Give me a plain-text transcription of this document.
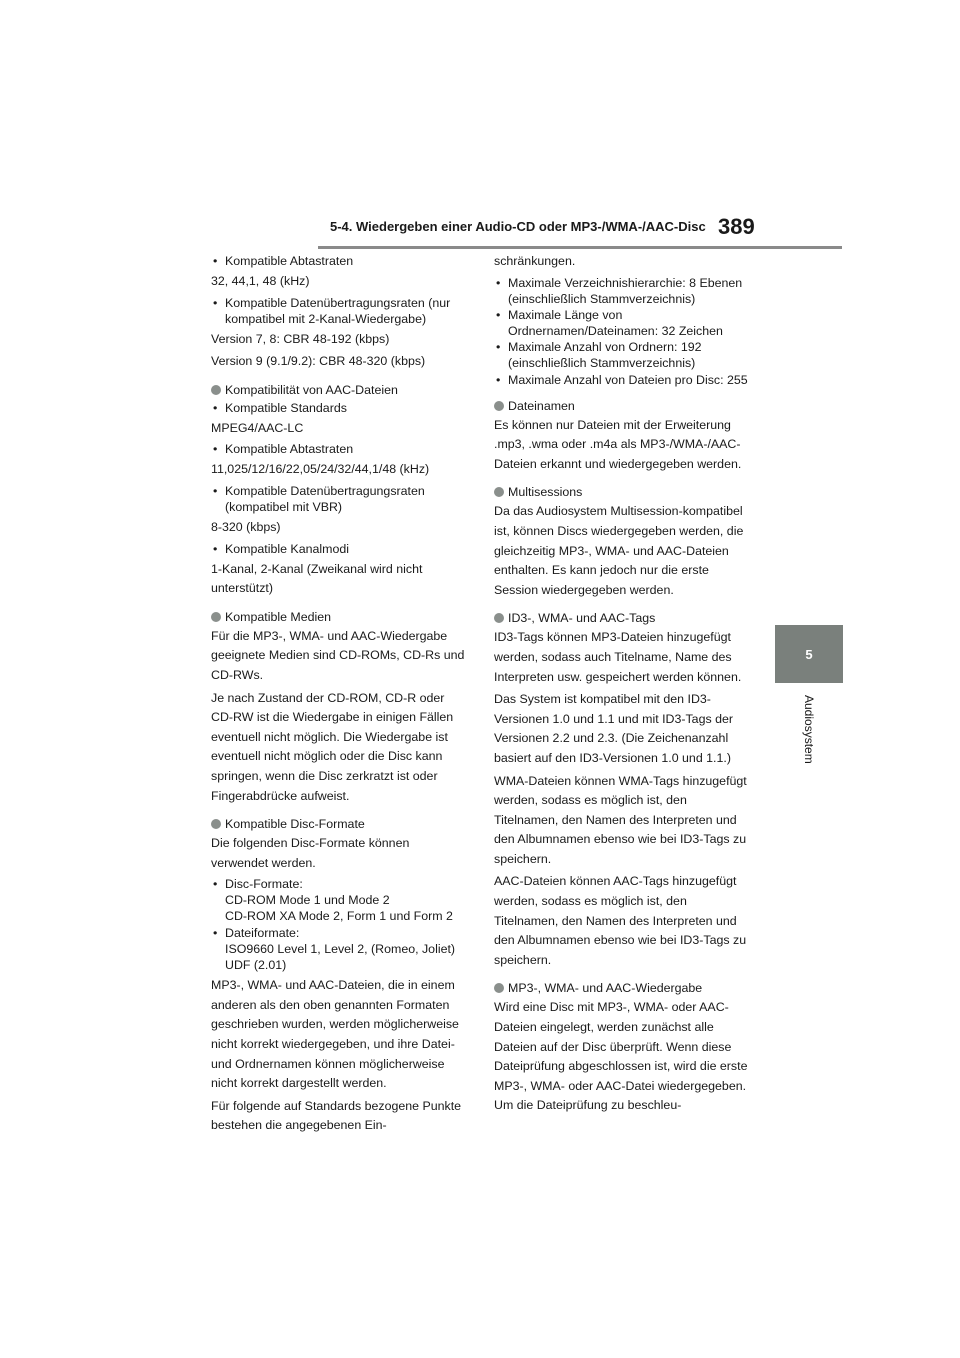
5-4. Wiedergeben einer Audio-CD oder MP3-/WMA-/AAC-Disc 389
5
Audiosystem
• Kompatible Abtastraten

32, 44,1, 48 (kHz)

• Kompatible Datenübertragungsraten (nur kompatibel mit 2-Kanal-Wiedergabe)

Version 7, 8: CBR 48-192 (kbps)

Version 9 (9.1/9.2): CBR 48-320 (kbps)

Kompatibilität von AAC-Dateien
• Kompatible Standards

MPEG4/AAC-LC

• Kompatible Abtastraten

11,025/12/16/22,05/24/32/44,1/48 (kHz)

• Kompatible Datenübertragungsraten (kompatibel mit VBR)

8-320 (kbps)

• Kompatible Kanalmodi

1-Kanal, 2-Kanal (Zweikanal wird nicht unterstützt)

Kompatible Medien

Für die MP3-, WMA- und AAC-Wiedergabe geeignete Medien sind CD-ROMs, CD-Rs und CD-RWs.

Je nach Zustand der CD-ROM, CD-R oder CD-RW ist die Wiedergabe in einigen Fällen eventuell nicht möglich. Die Wiedergabe ist eventuell nicht möglich oder die Disc kann springen, wenn die Disc zerkratzt ist oder Fingerabdrücke aufweist.

Kompatible Disc-Formate

Die folgenden Disc-Formate können verwendet werden.

• Disc-Formate:
CD-ROM Mode 1 und Mode 2
CD-ROM XA Mode 2, Form 1 und Form 2
• Dateiformate:
ISO9660 Level 1, Level 2, (Romeo, Joliet)
UDF (2.01)

MP3-, WMA- und AAC-Dateien, die in einem anderen als den oben genannten Formaten geschrieben wurden, werden möglicherweise nicht korrekt wiedergegeben, und ihre Datei- und Ordnernamen können möglicherweise nicht korrekt dargestellt werden.

Für folgende auf Standards bezogene Punkte bestehen die angegebenen Ein-

schränkungen.

• Maximale Verzeichnishierarchie: 8 Ebenen (einschließlich Stammverzeichnis)
• Maximale Länge von Ordnernamen/Dateinamen: 32 Zeichen
• Maximale Anzahl von Ordnern: 192 (einschließlich Stammverzeichnis)
• Maximale Anzahl von Dateien pro Disc: 255
Dateinamen

Es können nur Dateien mit der Erweiterung .mp3, .wma oder .m4a als MP3-/WMA-/AAC-Dateien erkannt und wiedergegeben werden.

Multisessions

Da das Audiosystem Multisession-kompatibel ist, können Discs wiedergegeben werden, die gleichzeitig MP3-, WMA- und AAC-Dateien enthalten. Es kann jedoch nur die erste Session wiedergegeben werden.

ID3-, WMA- und AAC-Tags

ID3-Tags können MP3-Dateien hinzugefügt werden, sodass auch Titelname, Name des Interpreten usw. gespeichert werden können.

Das System ist kompatibel mit den ID3-Versionen 1.0 und 1.1 und mit ID3-Tags der Versionen 2.2 und 2.3. (Die Zeichenanzahl basiert auf den ID3-Versionen 1.0 und 1.1.)

WMA-Dateien können WMA-Tags hinzugefügt werden, sodass es möglich ist, den Titelnamen, den Namen des Interpreten und den Albumnamen ebenso wie bei ID3-Tags zu speichern.

AAC-Dateien können AAC-Tags hinzugefügt werden, sodass es möglich ist, den Titelnamen, den Namen des Interpreten und den Albumnamen ebenso wie bei ID3-Tags zu speichern.

MP3-, WMA- und AAC-Wiedergabe

Wird eine Disc mit MP3-, WMA- oder AAC-Dateien eingelegt, werden zunächst alle Dateien auf der Disc überprüft. Wenn diese Dateiprüfung abgeschlossen ist, wird die erste MP3-, WMA- oder AAC-Datei wiedergegeben. Um die Dateiprüfung zu beschleu-
